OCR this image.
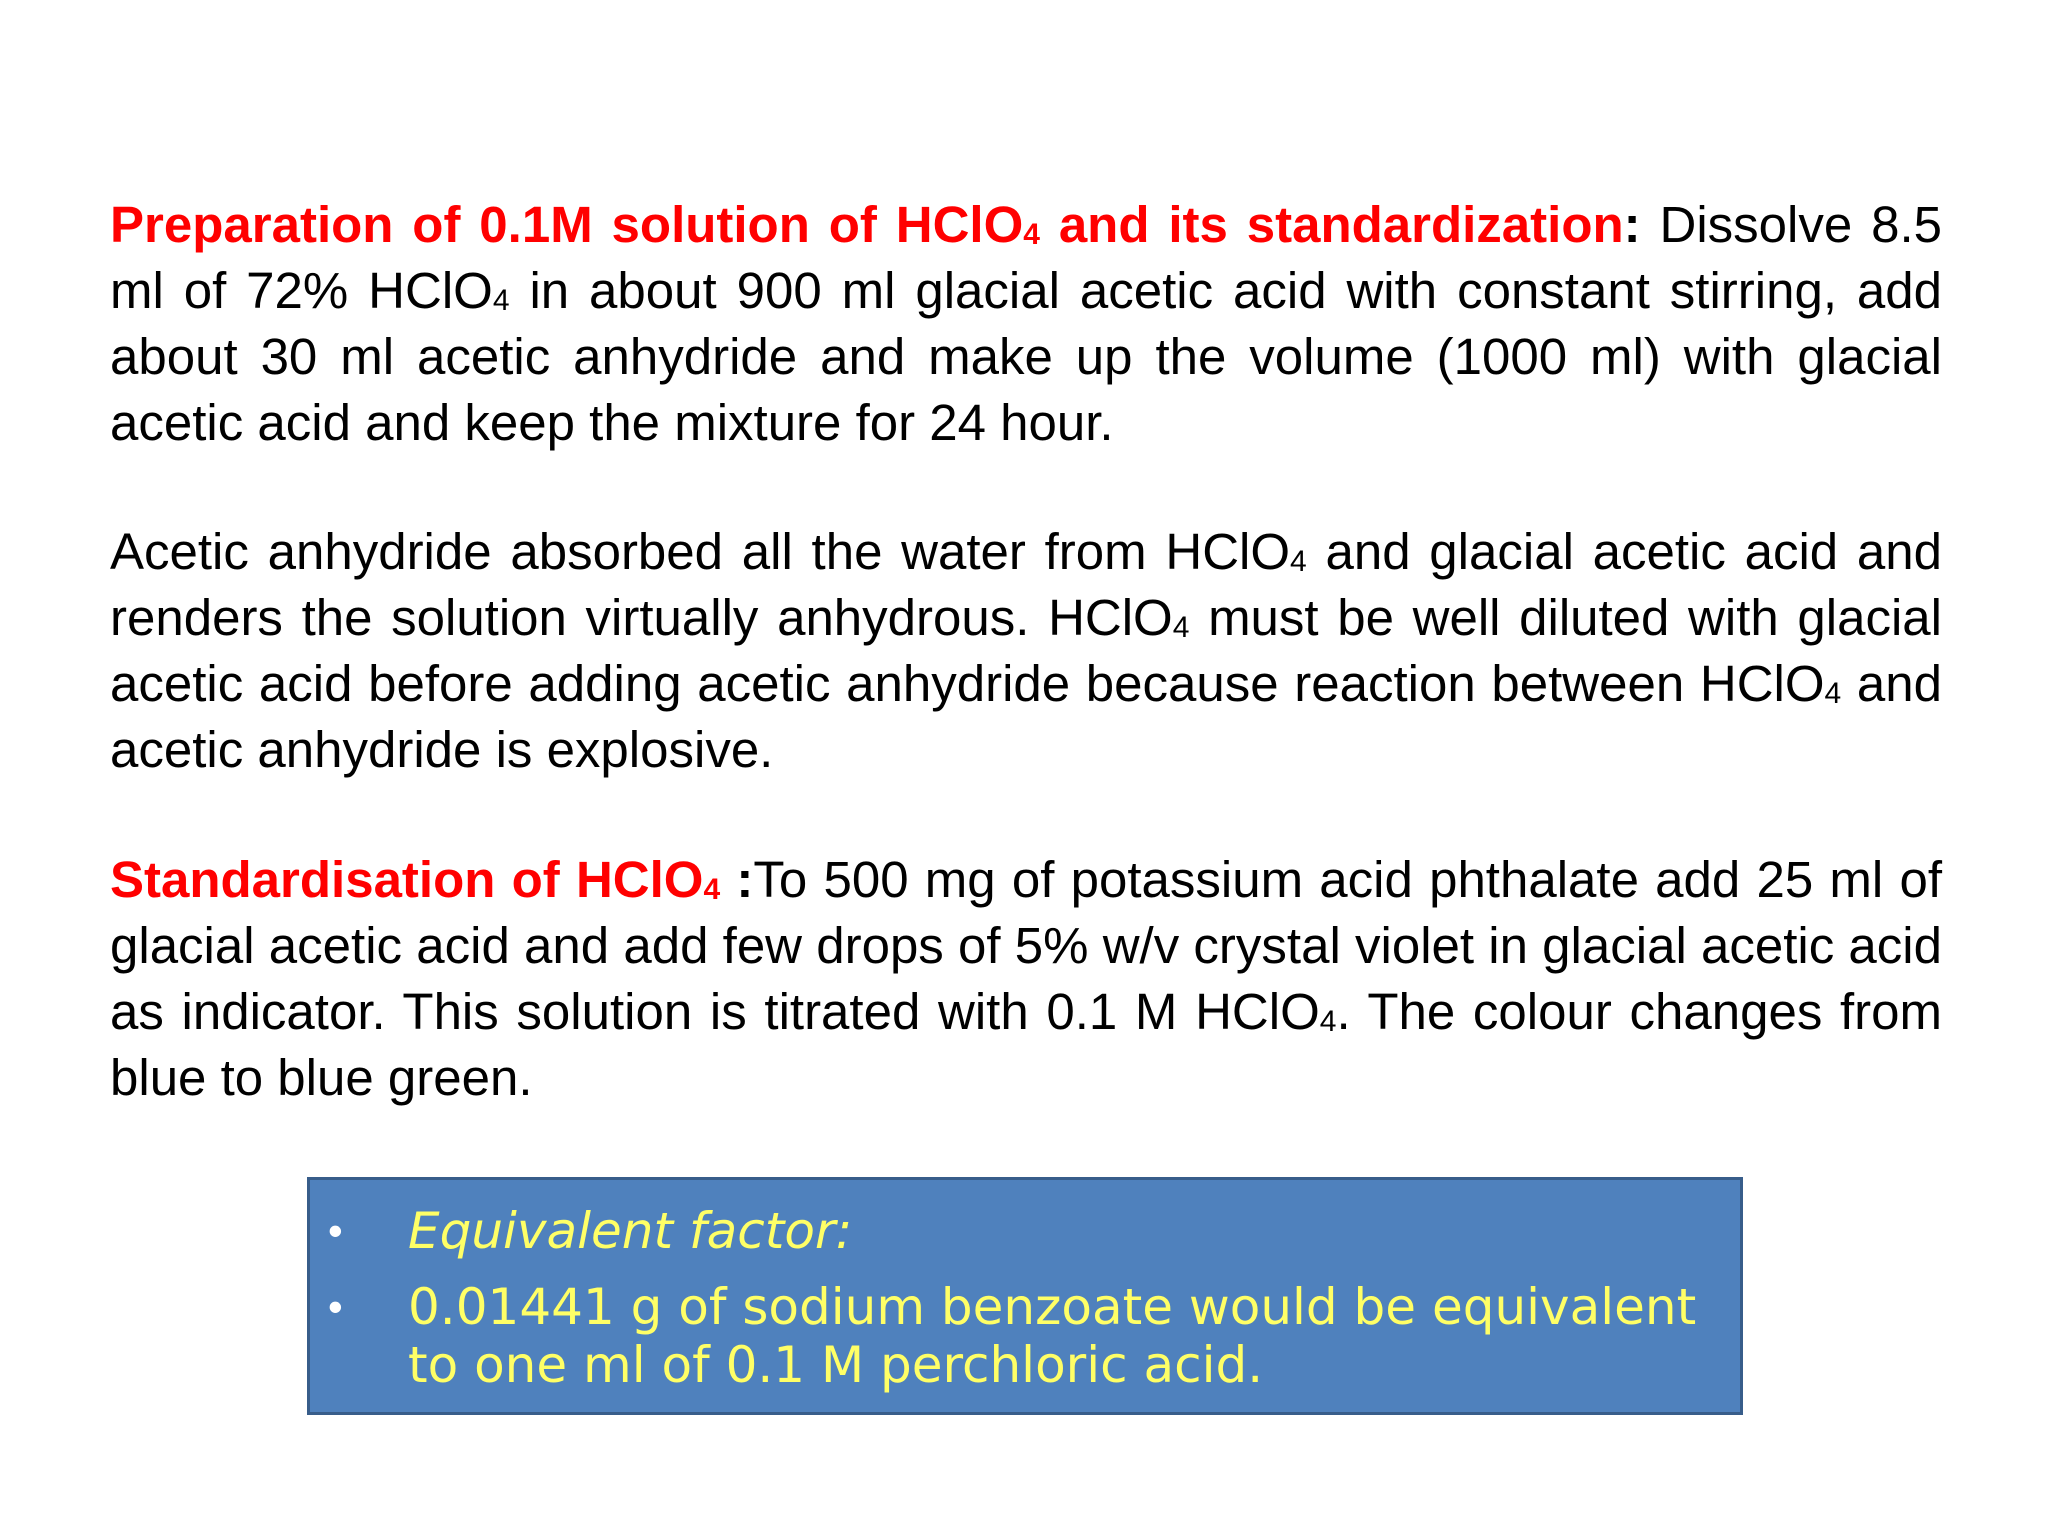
Preparation of 0.1M solution of HClO$_4$ and its standardization: Dissolve 8.5 ml of 72% HClO$_4$ in about 900 ml glacial acetic acid with constant stirring, add about 30 ml acetic anhydride and make up the volume (1000 ml) with glacial acetic acid and keep the mixture for 24 hour.
Acetic anhydride absorbed all the water from HClO$_4$ and glacial acetic acid and renders the solution virtually anhydrous. HClO$_4$ must be well diluted with glacial acetic acid before adding acetic anhydride because reaction between HClO$_4$ and acetic anhydride is explosive.
Standardisation of HClO$_4$ :To 500 mg of potassium acid phthalate add 25 ml of glacial acetic acid and add few drops of 5% w/v crystal violet in glacial acetic acid as indicator. This solution is titrated with 0.1 M HClO$_4$. The colour changes from blue to blue green.
• Equivalent factor:
• 0.01441 g of sodium benzoate would be equivalent to one ml of 0.1 M perchloric acid.
